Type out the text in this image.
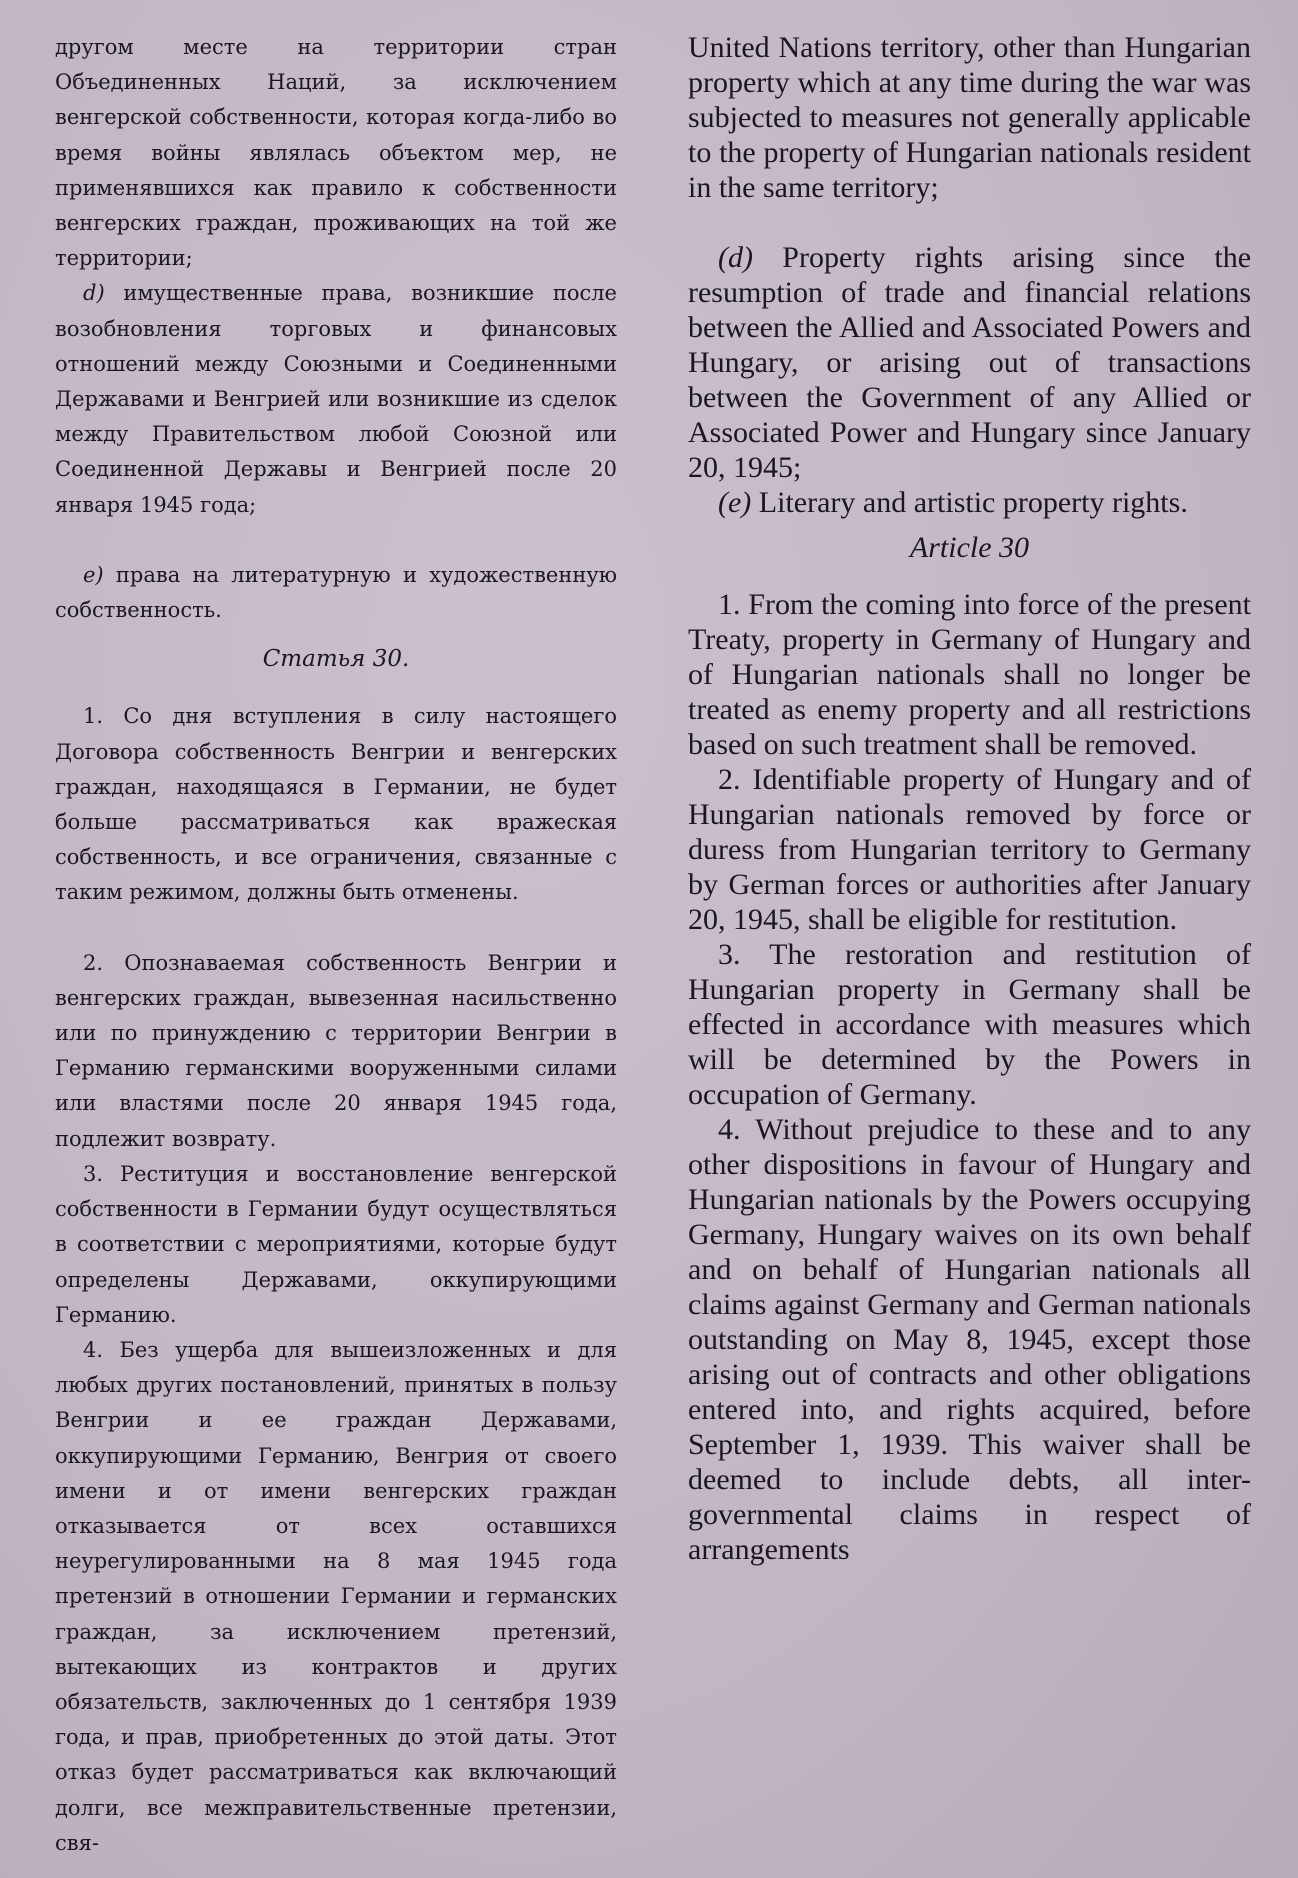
другом месте на территории стран Объединенных Наций, за исключением венгерской собственности, которая когда-либо во время войны являлась объектом мер, не применявшихся как правило к собственности венгерских граждан, проживающих на той же территории;

d) имущественные права, возникшие после возобновления торговых и финансовых отношений между Союзными и Соединенными Державами и Венгрией или возникшие из сделок между Правительством любой Союзной или Соединенной Державы и Венгрией после 20 января 1945 года;

e) права на литературную и художественную собственность.

Статья 30.

1. Со дня вступления в силу настоящего Договора собственность Венгрии и венгерских граждан, находящаяся в Германии, не будет больше рассматриваться как вражеская собственность, и все ограничения, связанные с таким режимом, должны быть отменены.

2. Опознаваемая собственность Венгрии и венгерских граждан, вывезенная насильственно или по принуждению с территории Венгрии в Германию германскими вооруженными силами или властями после 20 января 1945 года, подлежит возврату.

3. Реституция и восстановление венгерской собственности в Германии будут осуществляться в соответствии с мероприятиями, которые будут определены Державами, оккупирующими Германию.

4. Без ущерба для вышеизложенных и для любых других постановлений, принятых в пользу Венгрии и ее граждан Державами, оккупирующими Германию, Венгрия от своего имени и от имени венгерских граждан отказывается от всех оставшихся неурегулированными на 8 мая 1945 года претензий в отношении Германии и германских граждан, за исключением претензий, вытекающих из контрактов и других обязательств, заключенных до 1 сентября 1939 года, и прав, приобретенных до этой даты. Этот отказ будет рассматриваться как включающий долги, все межправительственные претензии, свя-

United Nations territory, other than Hungarian property which at any time during the war was subjected to measures not generally applicable to the property of Hungarian nationals resident in the same territory;

(d) Property rights arising since the resumption of trade and financial relations between the Allied and Associated Powers and Hungary, or arising out of transactions between the Government of any Allied or Associated Power and Hungary since January 20, 1945;

(e) Literary and artistic property rights.

Article 30

1. From the coming into force of the present Treaty, property in Germany of Hungary and of Hungarian nationals shall no longer be treated as enemy property and all restrictions based on such treatment shall be removed.

2. Identifiable property of Hungary and of Hungarian nationals removed by force or duress from Hungarian territory to Germany by German forces or authorities after January 20, 1945, shall be eligible for restitution.

3. The restoration and restitution of Hungarian property in Germany shall be effected in accordance with measures which will be determined by the Powers in occupation of Germany.

4. Without prejudice to these and to any other dispositions in favour of Hungary and Hungarian nationals by the Powers occupying Germany, Hungary waives on its own behalf and on behalf of Hungarian nationals all claims against Germany and German nationals outstanding on May 8, 1945, except those arising out of contracts and other obligations entered into, and rights acquired, before September 1, 1939. This waiver shall be deemed to include debts, all inter-governmental claims in respect of arrangements
